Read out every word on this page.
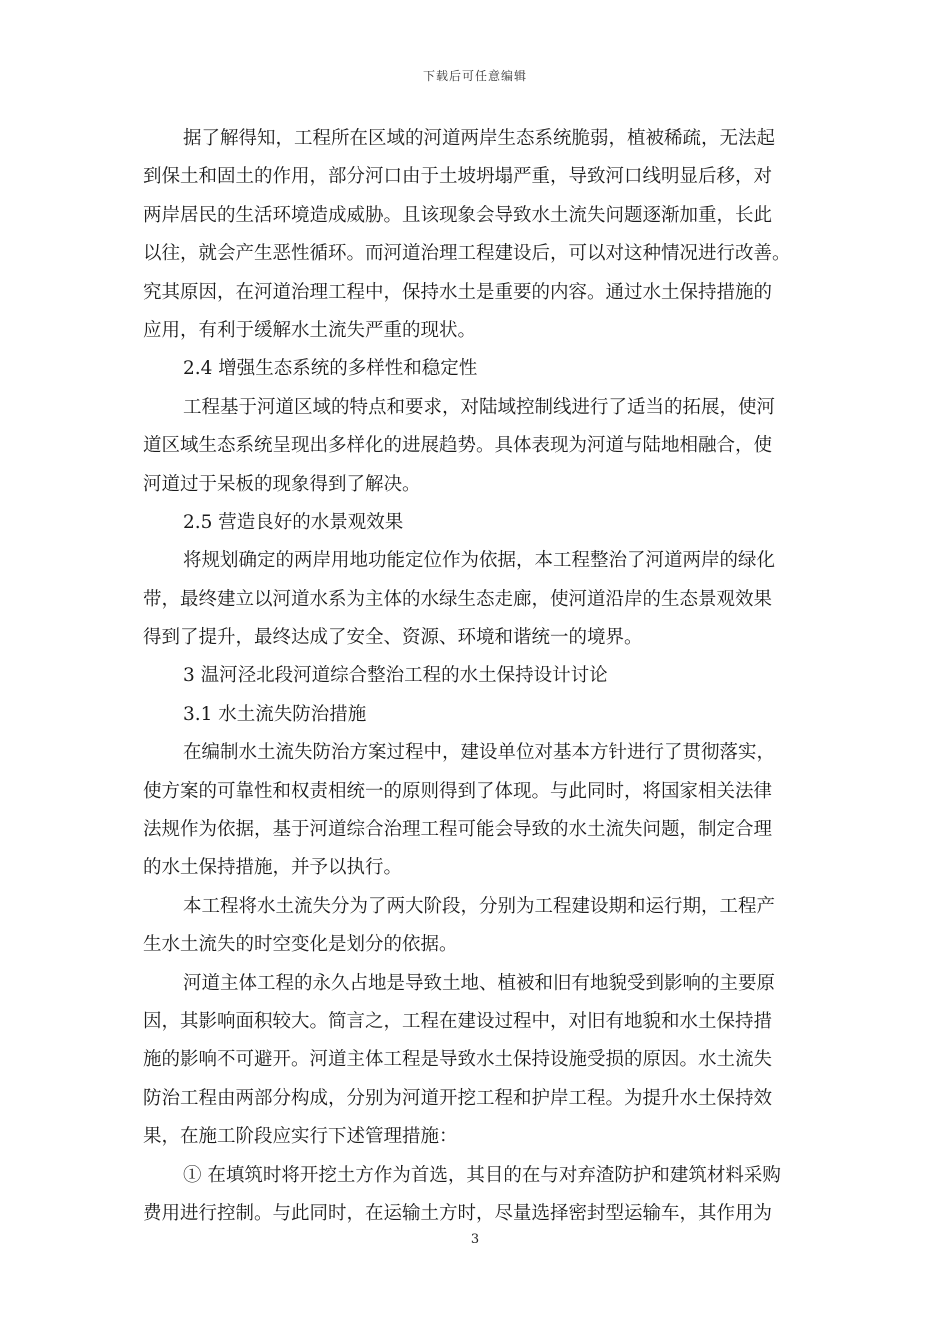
下载后可任意编辑
据了解得知，工程所在区域的河道两岸生态系统脆弱，植被稀疏，无法起
到保土和固土的作用，部分河口由于土坡坍塌严重，导致河口线明显后移，对
两岸居民的生活环境造成威胁。且该现象会导致水土流失问题逐渐加重，长此
以往，就会产生恶性循环。而河道治理工程建设后，可以对这种情况进行改善。
究其原因，在河道治理工程中，保持水土是重要的内容。通过水土保持措施的
应用，有利于缓解水土流失严重的现状。
2.4 增强生态系统的多样性和稳定性
工程基于河道区域的特点和要求，对陆域控制线进行了适当的拓展，使河
道区域生态系统呈现出多样化的进展趋势。具体表现为河道与陆地相融合，使
河道过于呆板的现象得到了解决。
2.5 营造良好的水景观效果
将规划确定的两岸用地功能定位作为依据，本工程整治了河道两岸的绿化
带，最终建立以河道水系为主体的水绿生态走廊，使河道沿岸的生态景观效果
得到了提升，最终达成了安全、资源、环境和谐统一的境界。
3 温河泾北段河道综合整治工程的水土保持设计讨论
3.1 水土流失防治措施
在编制水土流失防治方案过程中，建设单位对基本方针进行了贯彻落实，
使方案的可靠性和权责相统一的原则得到了体现。与此同时，将国家相关法律
法规作为依据，基于河道综合治理工程可能会导致的水土流失问题，制定合理
的水土保持措施，并予以执行。
本工程将水土流失分为了两大阶段，分别为工程建设期和运行期，工程产
生水土流失的时空变化是划分的依据。
河道主体工程的永久占地是导致土地、植被和旧有地貌受到影响的主要原
因，其影响面积较大。简言之，工程在建设过程中，对旧有地貌和水土保持措
施的影响不可避开。河道主体工程是导致水土保持设施受损的原因。水土流失
防治工程由两部分构成，分别为河道开挖工程和护岸工程。为提升水土保持效
果，在施工阶段应实行下述管理措施：
① 在填筑时将开挖土方作为首选，其目的在与对弃渣防护和建筑材料采购
费用进行控制。与此同时，在运输土方时，尽量选择密封型运输车，其作用为
3
